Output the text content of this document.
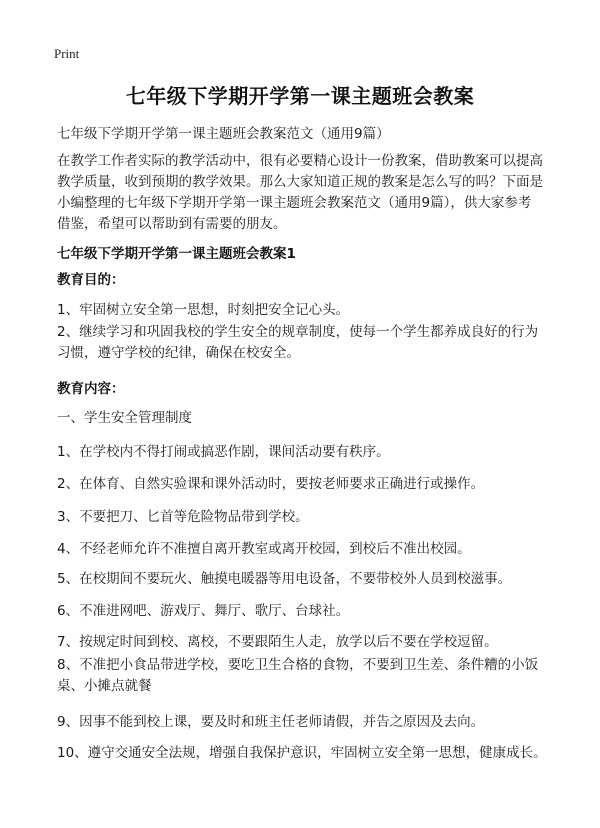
Print
七年级下学期开学第一课主题班会教案
七年级下学期开学第一课主题班会教案范文（通用9篇）
在教学工作者实际的教学活动中，很有必要精心设计一份教案，借助教案可以提高
教学质量，收到预期的教学效果。那么大家知道正规的教案是怎么写的吗？下面是
小编整理的七年级下学期开学第一课主题班会教案范文（通用9篇），供大家参考
借鉴，希望可以帮助到有需要的朋友。
七年级下学期开学第一课主题班会教案1
教育目的：
1、牢固树立安全第一思想，时刻把安全记心头。
2、继续学习和巩固我校的学生安全的规章制度，使每一个学生都养成良好的行为
习惯，遵守学校的纪律，确保在校安全。
教育内容：
一、学生安全管理制度
1、在学校内不得打闹或搞恶作剧，课间活动要有秩序。
2、在体育、自然实验课和课外活动时，要按老师要求正确进行或操作。
3、不要把刀、匕首等危险物品带到学校。
4、不经老师允许不准擅自离开教室或离开校园，到校后不准出校园。
5、在校期间不要玩火、触摸电暖器等用电设备，不要带校外人员到校滋事。
6、不准进网吧、游戏厅、舞厅、歌厅、台球社。
7、按规定时间到校、离校，不要跟陌生人走，放学以后不要在学校逗留。
8、不准把小食品带进学校，要吃卫生合格的食物，不要到卫生差、条件糟的小饭
桌、小摊点就餐
9、因事不能到校上课，要及时和班主任老师请假，并告之原因及去向。
10、遵守交通安全法规，增强自我保护意识，牢固树立安全第一思想，健康成长。
